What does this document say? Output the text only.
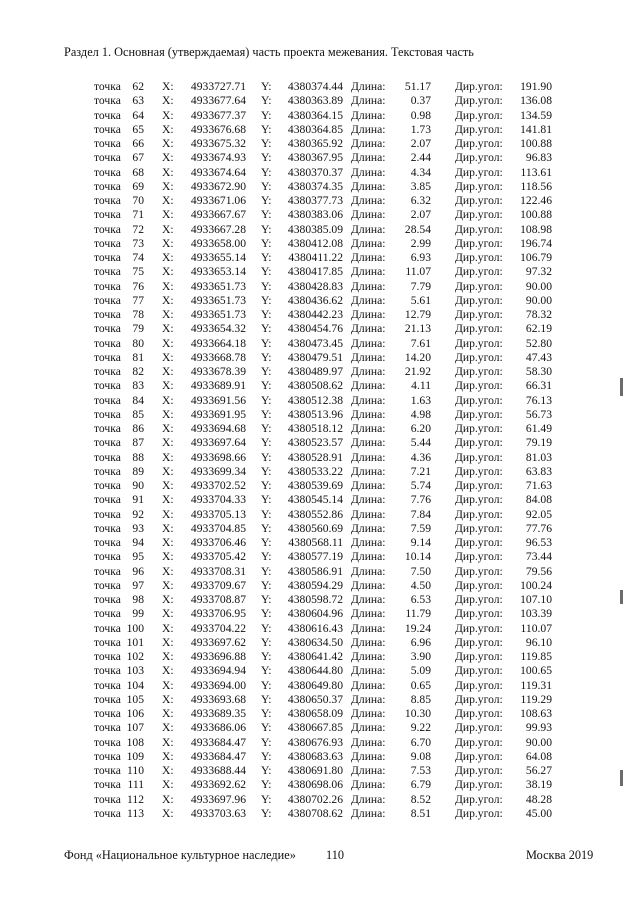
Раздел 1. Основная (утверждаемая) часть проекта межевания. Текстовая часть
точка 62 X:	4933727.71 Y:	4380374.44 Длина:	51.17 Дир.угол: 191.90
точка 63 X:	4933677.64 Y:	4380363.89 Длина:	0.37 Дир.угол: 136.08
точка 64 X:	4933677.37 Y:	4380364.15 Длина:	0.98 Дир.угол: 134.59
точка 65 X:	4933676.68 Y:	4380364.85 Длина:	1.73 Дир.угол: 141.81
точка 66 X:	4933675.32 Y:	4380365.92 Длина:	2.07 Дир.угол: 100.88
точка 67 X:	4933674.93 Y:	4380367.95 Длина:	2.44 Дир.угол:	96.83
точка 68 X:	4933674.64 Y:	4380370.37 Длина:	4.34 Дир.угол: 113.61
точка 69 X:	4933672.90 Y:	4380374.35 Длина:	3.85 Дир.угол: 118.56
точка 70 X:	4933671.06 Y:	4380377.73 Длина:	6.32 Дир.угол: 122.46
точка 71 X:	4933667.67 Y:	4380383.06 Длина:	2.07 Дир.угол: 100.88
точка 72 X:	4933667.28 Y:	4380385.09 Длина:	28.54 Дир.угол: 108.98
точка 73 X:	4933658.00 Y:	4380412.08 Длина:	2.99 Дир.угол: 196.74
точка 74 X:	4933655.14 Y:	4380411.22 Длина:	6.93 Дир.угол: 106.79
точка 75 X:	4933653.14 Y:	4380417.85 Длина:	11.07 Дир.угол:	97.32
точка 76 X:	4933651.73 Y:	4380428.83 Длина:	7.79 Дир.угол:	90.00
точка 77 X:	4933651.73 Y:	4380436.62 Длина:	5.61 Дир.угол:	90.00
точка 78 X:	4933651.73 Y:	4380442.23 Длина:	12.79 Дир.угол:	78.32
точка 79 X:	4933654.32 Y:	4380454.76 Длина:	21.13 Дир.угол:	62.19
точка 80 X:	4933664.18 Y:	4380473.45 Длина:	7.61 Дир.угол:	52.80
точка 81 X:	4933668.78 Y:	4380479.51 Длина:	14.20 Дир.угол:	47.43
точка 82 X:	4933678.39 Y:	4380489.97 Длина:	21.92 Дир.угол:	58.30
точка 83 X:	4933689.91 Y:	4380508.62 Длина:	4.11 Дир.угол:	66.31
точка 84 X:	4933691.56 Y:	4380512.38 Длина:	1.63 Дир.угол:	76.13
точка 85 X:	4933691.95 Y:	4380513.96 Длина:	4.98 Дир.угол:	56.73
точка 86 X:	4933694.68 Y:	4380518.12 Длина:	6.20 Дир.угол:	61.49
точка 87 X:	4933697.64 Y:	4380523.57 Длина:	5.44 Дир.угол:	79.19
точка 88 X:	4933698.66 Y:	4380528.91 Длина:	4.36 Дир.угол:	81.03
точка 89 X:	4933699.34 Y:	4380533.22 Длина:	7.21 Дир.угол:	63.83
точка 90 X:	4933702.52 Y:	4380539.69 Длина:	5.74 Дир.угол:	71.63
точка 91 X:	4933704.33 Y:	4380545.14 Длина:	7.76 Дир.угол:	84.08
точка 92 X:	4933705.13 Y:	4380552.86 Длина:	7.84 Дир.угол:	92.05
точка 93 X:	4933704.85 Y:	4380560.69 Длина:	7.59 Дир.угол:	77.76
точка 94 X:	4933706.46 Y:	4380568.11 Длина:	9.14 Дир.угол:	96.53
точка 95 X:	4933705.42 Y:	4380577.19 Длина:	10.14 Дир.угол:	73.44
точка 96 X:	4933708.31 Y:	4380586.91 Длина:	7.50 Дир.угол:	79.56
точка 97 X:	4933709.67 Y:	4380594.29 Длина:	4.50 Дир.угол: 100.24
точка 98 X:	4933708.87 Y:	4380598.72 Длина:	6.53 Дир.угол: 107.10
точка 99 X:	4933706.95 Y:	4380604.96 Длина:	11.79 Дир.угол: 103.39
точка 100 X:	4933704.22 Y:	4380616.43 Длина:	19.24 Дир.угол: 110.07
точка 101 X:	4933697.62 Y:	4380634.50 Длина:	6.96 Дир.угол:	96.10
точка 102 X:	4933696.88 Y:	4380641.42 Длина:	3.90 Дир.угол: 119.85
точка 103 X:	4933694.94 Y:	4380644.80 Длина:	5.09 Дир.угол: 100.65
точка 104 X:	4933694.00 Y:	4380649.80 Длина:	0.65 Дир.угол: 119.31
точка 105 X:	4933693.68 Y:	4380650.37 Длина:	8.85 Дир.угол: 119.29
точка 106 X:	4933689.35 Y:	4380658.09 Длина:	10.30 Дир.угол: 108.63
точка 107 X:	4933686.06 Y:	4380667.85 Длина:	9.22 Дир.угол:	99.93
точка 108 X:	4933684.47 Y:	4380676.93 Длина:	6.70 Дир.угол:	90.00
точка 109 X:	4933684.47 Y:	4380683.63 Длина:	9.08 Дир.угол:	64.08
точка 110 X:	4933688.44 Y:	4380691.80 Длина:	7.53 Дир.угол:	56.27
точка 111 X:	4933692.62 Y:	4380698.06 Длина:	6.79 Дир.угол:	38.19
точка 112 X:	4933697.96 Y:	4380702.26 Длина:	8.52 Дир.угол:	48.28
точка 113 X:	4933703.63 Y:	4380708.62 Длина:	8.51 Дир.угол:	45.00
Фонд «Национальное культурное наследие» 110	Москва 2019
